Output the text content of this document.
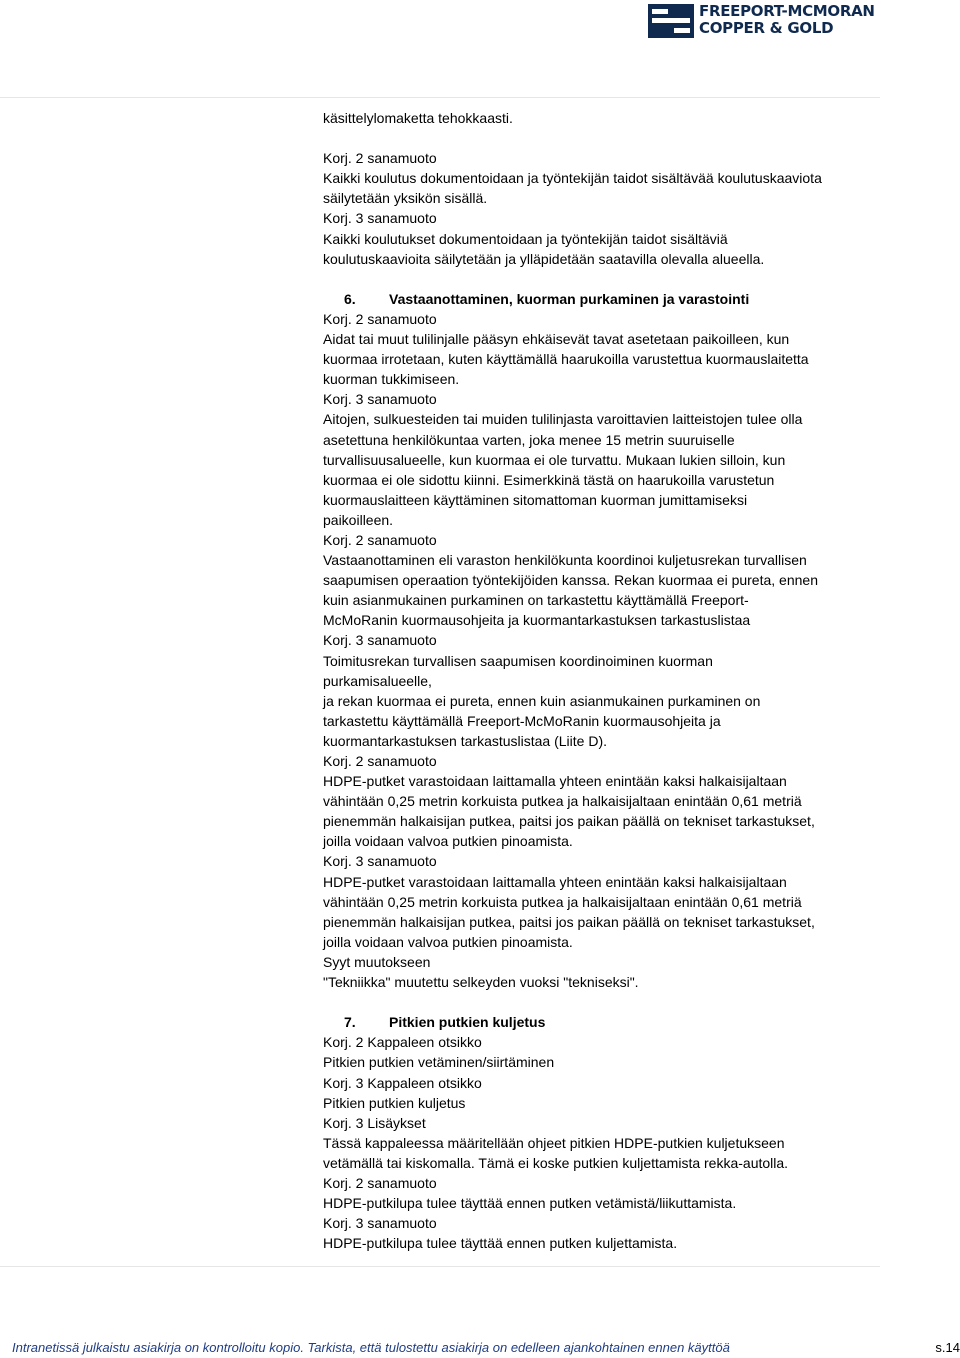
FREEPORT-MCMORAN
COPPER & GOLD
käsittelylomaketta tehokkaasti.
Korj. 2 sanamuoto
Kaikki koulutus dokumentoidaan ja työntekijän taidot sisältävää koulutuskaaviota
säilytetään yksikön sisällä.
Korj. 3 sanamuoto
Kaikki koulutukset dokumentoidaan ja työntekijän taidot sisältäviä
koulutuskaavioita säilytetään ja ylläpidetään saatavilla olevalla alueella.
6. Vastaanottaminen, kuorman purkaminen ja varastointi
Korj. 2 sanamuoto
Aidat tai muut tulilinjalle pääsyn ehkäisevät tavat asetetaan paikoilleen, kun
kuormaa irrotetaan, kuten käyttämällä haarukoilla varustettua kuormauslaitetta
kuorman tukkimiseen.
Korj. 3 sanamuoto
Aitojen, sulkuesteiden tai muiden tulilinjasta varoittavien laitteistojen tulee olla
asetettuna henkilökuntaa varten, joka menee 15 metrin suuruiselle
turvallisuusalueelle, kun kuormaa ei ole turvattu. Mukaan lukien silloin, kun
kuormaa ei ole sidottu kiinni. Esimerkkinä tästä on haarukoilla varustetun
kuormauslaitteen käyttäminen sitomattoman kuorman jumittamiseksi
paikoilleen.
Korj. 2 sanamuoto
Vastaanottaminen eli varaston henkilökunta koordinoi kuljetusrekan turvallisen
saapumisen operaation työntekijöiden kanssa. Rekan kuormaa ei pureta, ennen
kuin asianmukainen purkaminen on tarkastettu käyttämällä Freeport-
McMoRanin kuormausohjeita ja kuormantarkastuksen tarkastuslistaa
Korj. 3 sanamuoto
Toimitusrekan turvallisen saapumisen koordinoiminen kuorman
purkamisalueelle,
ja rekan kuormaa ei pureta, ennen kuin asianmukainen purkaminen on
tarkastettu käyttämällä Freeport-McMoRanin kuormausohjeita ja
kuormantarkastuksen tarkastuslistaa (Liite D).
Korj. 2 sanamuoto
HDPE-putket varastoidaan laittamalla yhteen enintään kaksi halkaisijaltaan
vähintään 0,25 metrin korkuista putkea ja halkaisijaltaan enintään 0,61 metriä
pienemmän halkaisijan putkea, paitsi jos paikan päällä on tekniset tarkastukset,
joilla voidaan valvoa putkien pinoamista.
Korj. 3 sanamuoto
HDPE-putket varastoidaan laittamalla yhteen enintään kaksi halkaisijaltaan
vähintään 0,25 metrin korkuista putkea ja halkaisijaltaan enintään 0,61 metriä
pienemmän halkaisijan putkea, paitsi jos paikan päällä on tekniset tarkastukset,
joilla voidaan valvoa putkien pinoamista.
Syyt muutokseen
"Tekniikka" muutettu selkeyden vuoksi "tekniseksi".
7. Pitkien putkien kuljetus
Korj. 2 Kappaleen otsikko
Pitkien putkien vetäminen/siirtäminen
Korj. 3 Kappaleen otsikko
Pitkien putkien kuljetus
Korj. 3 Lisäykset
Tässä kappaleessa määritellään ohjeet pitkien HDPE-putkien kuljetukseen
vetämällä tai kiskomalla. Tämä ei koske putkien kuljettamista rekka-autolla.
Korj. 2 sanamuoto
HDPE-putkilupa tulee täyttää ennen putken vetämistä/liikuttamista.
Korj. 3 sanamuoto
HDPE-putkilupa tulee täyttää ennen putken kuljettamista.
Intranetissä julkaistu asiakirja on kontrolloitu kopio. Tarkista, että tulostettu asiakirja on edelleen ajankohtainen ennen käyttöä	s.14
